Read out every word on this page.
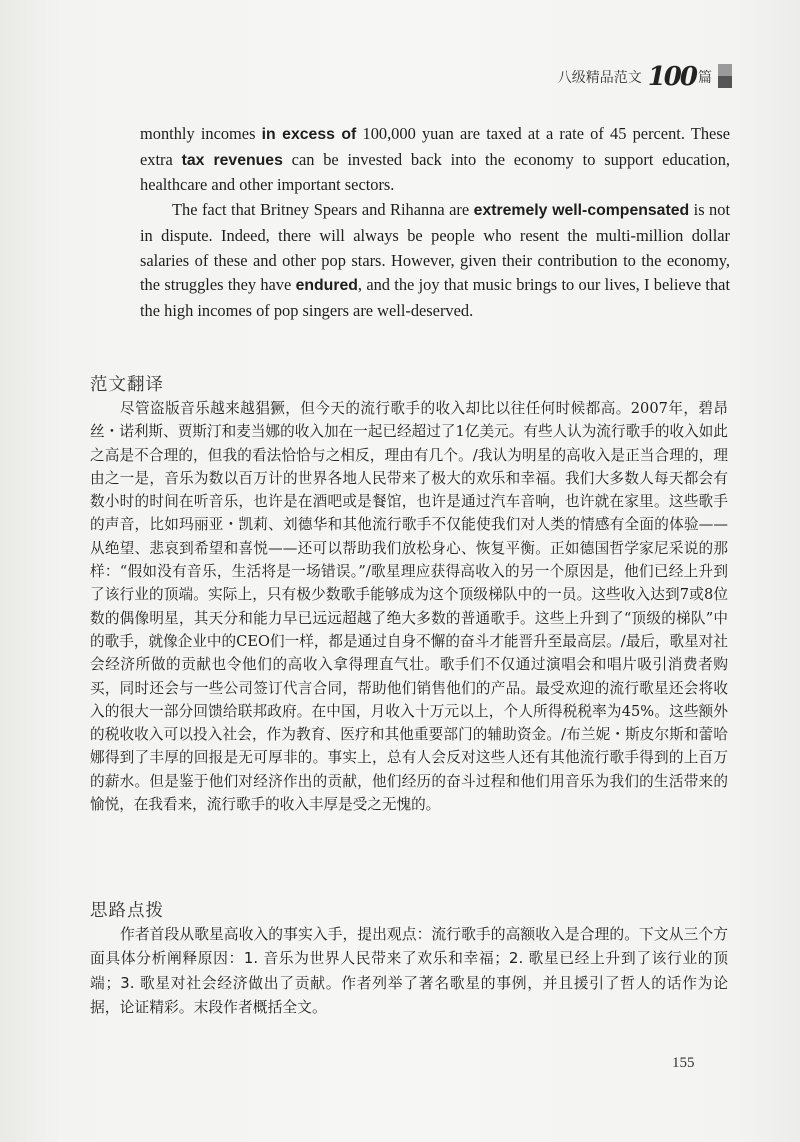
八级精品范文 100 篇

monthly incomes in excess of 100,000 yuan are taxed at a rate of 45 percent. These extra tax revenues can be invested back into the economy to support education, healthcare and other important sectors.

The fact that Britney Spears and Rihanna are extremely well-compensated is not in dispute. Indeed, there will always be people who resent the multi-million dollar salaries of these and other pop stars. However, given their contribution to the economy, the struggles they have endured, and the joy that music brings to our lives, I believe that the high incomes of pop singers are well-deserved.

范文翻译

尽管盗版音乐越来越猖獗，但今天的流行歌手的收入却比以往任何时候都高。2007年，碧昂丝・诺利斯、贾斯汀和麦当娜的收入加在一起已经超过了1亿美元。有些人认为流行歌手的收入如此之高是不合理的，但我的看法恰恰与之相反，理由有几个。/我认为明星的高收入是正当合理的，理由之一是，音乐为数以百万计的世界各地人民带来了极大的欢乐和幸福。我们大多数人每天都会有数小时的时间在听音乐，也许是在酒吧或是餐馆，也许是通过汽车音响，也许就在家里。这些歌手的声音，比如玛丽亚・凯莉、刘德华和其他流行歌手不仅能使我们对人类的情感有全面的体验——从绝望、悲哀到希望和喜悦——还可以帮助我们放松身心、恢复平衡。正如德国哲学家尼采说的那样：“假如没有音乐，生活将是一场错误。”/歌星理应获得高收入的另一个原因是，他们已经上升到了该行业的顶端。实际上，只有极少数歌手能够成为这个顶级梯队中的一员。这些收入达到7或8位数的偶像明星，其天分和能力早已远远超越了绝大多数的普通歌手。这些上升到了“顶级的梯队”中的歌手，就像企业中的CEO们一样，都是通过自身不懈的奋斗才能晋升至最高层。/最后，歌星对社会经济所做的贡献也令他们的高收入拿得理直气壮。歌手们不仅通过演唱会和唱片吸引消费者购买，同时还会与一些公司签订代言合同，帮助他们销售他们的产品。最受欢迎的流行歌星还会将收入的很大一部分回馈给联邦政府。在中国，月收入十万元以上，个人所得税税率为45%。这些额外的税收收入可以投入社会，作为教育、医疗和其他重要部门的辅助资金。/布兰妮・斯皮尔斯和蕾哈娜得到了丰厚的回报是无可厚非的。事实上，总有人会反对这些人还有其他流行歌手得到的上百万的薪水。但是鉴于他们对经济作出的贡献，他们经历的奋斗过程和他们用音乐为我们的生活带来的愉悦，在我看来，流行歌手的收入丰厚是受之无愧的。

思路点拨

作者首段从歌星高收入的事实入手，提出观点：流行歌手的高额收入是合理的。下文从三个方面具体分析阐释原因：1. 音乐为世界人民带来了欢乐和幸福；2. 歌星已经上升到了该行业的顶端；3. 歌星对社会经济做出了贡献。作者列举了著名歌星的事例，并且援引了哲人的话作为论据，论证精彩。末段作者概括全文。

155
